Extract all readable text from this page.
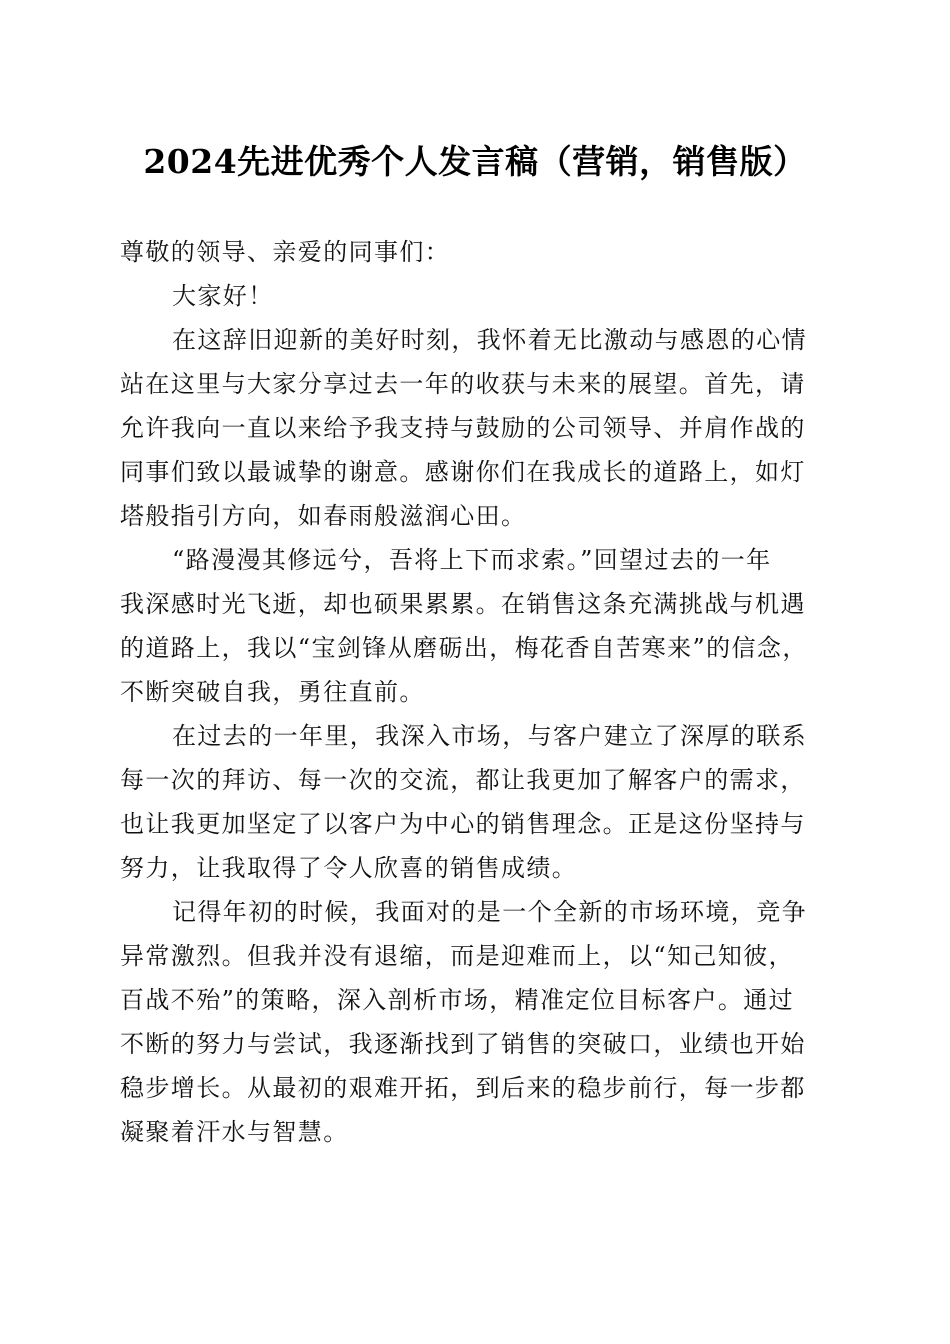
2024先进优秀个人发言稿（营销，销售版）

尊敬的领导、亲爱的同事们：

大家好！

在这辞旧迎新的美好时刻，我怀着无比激动与感恩的心情

站在这里与大家分享过去一年的收获与未来的展望。首先，请

允许我向一直以来给予我支持与鼓励的公司领导、并肩作战的

同事们致以最诚挚的谢意。感谢你们在我成长的道路上，如灯

塔般指引方向，如春雨般滋润心田。

“路漫漫其修远兮，吾将上下而求索。”回望过去的一年

我深感时光飞逝，却也硕果累累。在销售这条充满挑战与机遇

的道路上，我以“宝剑锋从磨砺出，梅花香自苦寒来”的信念，

不断突破自我，勇往直前。

在过去的一年里，我深入市场，与客户建立了深厚的联系

每一次的拜访、每一次的交流，都让我更加了解客户的需求，

也让我更加坚定了以客户为中心的销售理念。正是这份坚持与

努力，让我取得了令人欣喜的销售成绩。

记得年初的时候，我面对的是一个全新的市场环境，竞争

异常激烈。但我并没有退缩，而是迎难而上，以“知己知彼，

百战不殆”的策略，深入剖析市场，精准定位目标客户。通过

不断的努力与尝试，我逐渐找到了销售的突破口，业绩也开始

稳步增长。从最初的艰难开拓，到后来的稳步前行，每一步都

凝聚着汗水与智慧。
